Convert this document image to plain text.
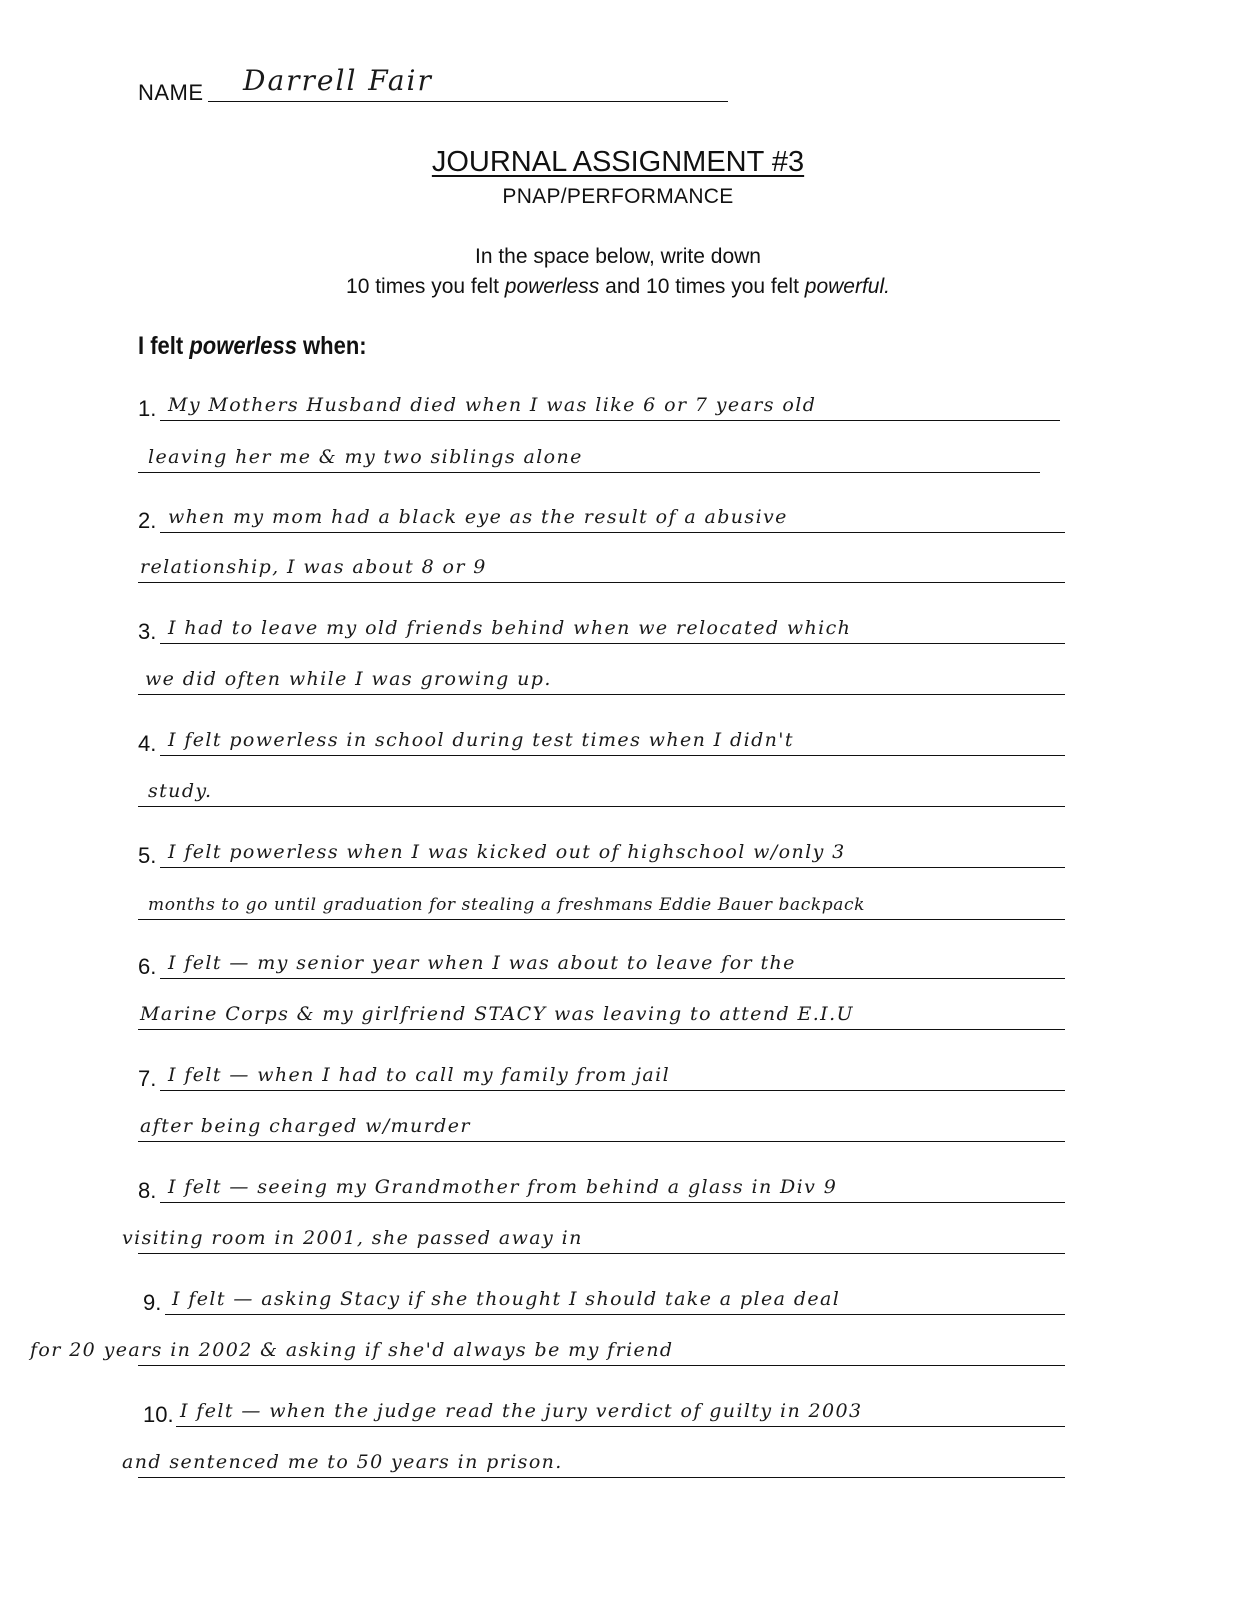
NAME Darrell Fair
JOURNAL ASSIGNMENT #3
PNAP/PERFORMANCE
In the space below, write down
10 times you felt powerless and 10 times you felt powerful.
I felt powerless when:
1. My Mothers Husband died when I was like 6 or 7 years old
leaving her me & my two siblings alone
2. when my mom had a black eye as the result of a abusive
relationship, I was about 8 or 9
3. I had to leave my old friends behind when we relocated which
we did often while I was growing up.
4. I felt powerless in school during test times when I didn't
study.
5. I felt powerless when I was kicked out of highschool w/only 3
months to go until graduation for stealing a freshmans Eddie Bauer backpack
6. I felt — my senior year when I was about to leave for the
Marine Corps & my girlfriend STACY was leaving to attend E.I.U
7. I felt — when I had to call my family from jail
after being charged w/murder
8. I felt — seeing my Grandmother from behind a glass in Div 9
visiting room in 2001, she passed away in
9. I felt — asking Stacy if she thought I should take a plea deal
for 20 years in 2002 & asking if she'd always be my friend
10. I felt — when the judge read the jury verdict of guilty in 2003
and sentenced me to 50 years in prison.
